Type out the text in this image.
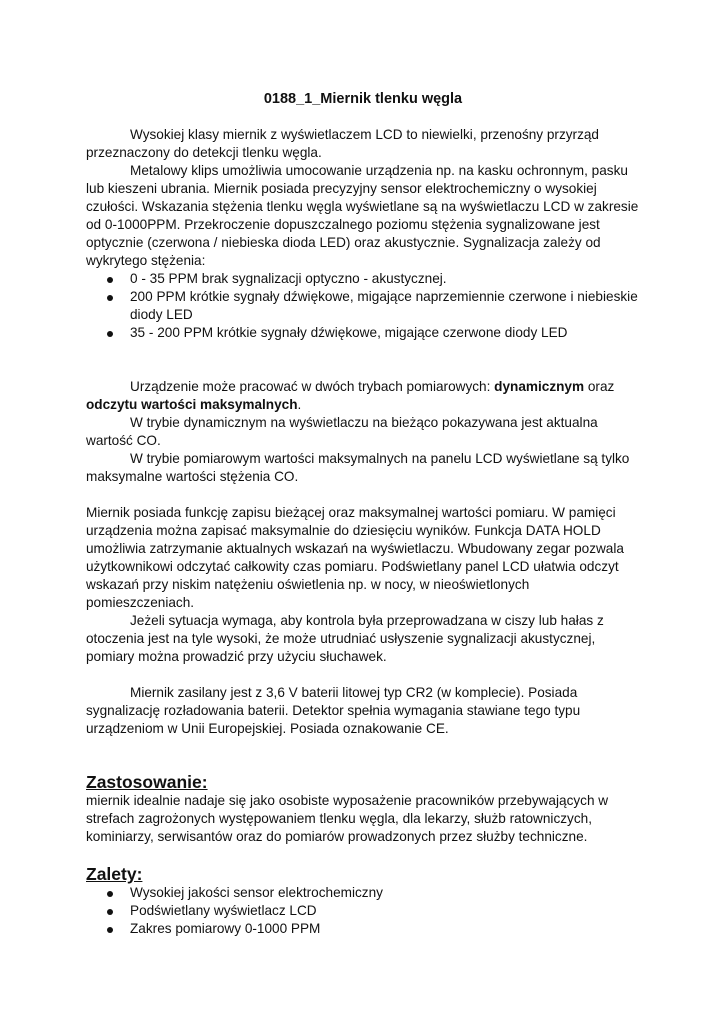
0188_1_Miernik tlenku węgla

Wysokiej klasy miernik z wyświetlaczem LCD to niewielki, przenośny przyrząd przeznaczony do detekcji tlenku węgla.

Metalowy klips umożliwia umocowanie urządzenia np. na kasku ochronnym, pasku lub kieszeni ubrania. Miernik posiada precyzyjny sensor elektrochemiczny o wysokiej czułości. Wskazania stężenia tlenku węgla wyświetlane są na wyświetlaczu LCD w zakresie od 0-1000PPM. Przekroczenie dopuszczalnego poziomu stężenia sygnalizowane jest optycznie (czerwona / niebieska dioda LED) oraz akustycznie. Sygnalizacja zależy od wykrytego stężenia:

0 - 35 PPM brak sygnalizacji optyczno - akustycznej.
200 PPM krótkie sygnały dźwiękowe, migające naprzemiennie czerwone i niebieskie diody LED
35 - 200 PPM krótkie sygnały dźwiękowe, migające czerwone diody LED

Urządzenie może pracować w dwóch trybach pomiarowych: dynamicznym oraz odczytu wartości maksymalnych.

W trybie dynamicznym na wyświetlaczu na bieżąco pokazywana jest aktualna wartość CO.

W trybie pomiarowym wartości maksymalnych na panelu LCD wyświetlane są tylko maksymalne wartości stężenia CO.

Miernik posiada funkcję zapisu bieżącej oraz maksymalnej wartości pomiaru. W pamięci urządzenia można zapisać maksymalnie do dziesięciu wyników. Funkcja DATA HOLD umożliwia zatrzymanie aktualnych wskazań na wyświetlaczu. Wbudowany zegar pozwala użytkownikowi odczytać całkowity czas pomiaru. Podświetlany panel LCD ułatwia odczyt wskazań przy niskim natężeniu oświetlenia np. w nocy, w nieoświetlonych pomieszczeniach.

Jeżeli sytuacja wymaga, aby kontrola była przeprowadzana w ciszy lub hałas z otoczenia jest na tyle wysoki, że może utrudniać usłyszenie sygnalizacji akustycznej, pomiary można prowadzić przy użyciu słuchawek.

Miernik zasilany jest z 3,6 V baterii litowej typ CR2 (w komplecie). Posiada sygnalizację rozładowania baterii. Detektor spełnia wymagania stawiane tego typu urządzeniom w Unii Europejskiej. Posiada oznakowanie CE.

Zastosowanie:

miernik idealnie nadaje się jako osobiste wyposażenie pracowników przebywających w strefach zagrożonych występowaniem tlenku węgla, dla lekarzy, służb ratowniczych, kominiarzy, serwisantów oraz do pomiarów prowadzonych przez służby techniczne.

Zalety:
Wysokiej jakości sensor elektrochemiczny
Podświetlany wyświetlacz LCD
Zakres pomiarowy 0-1000 PPM
